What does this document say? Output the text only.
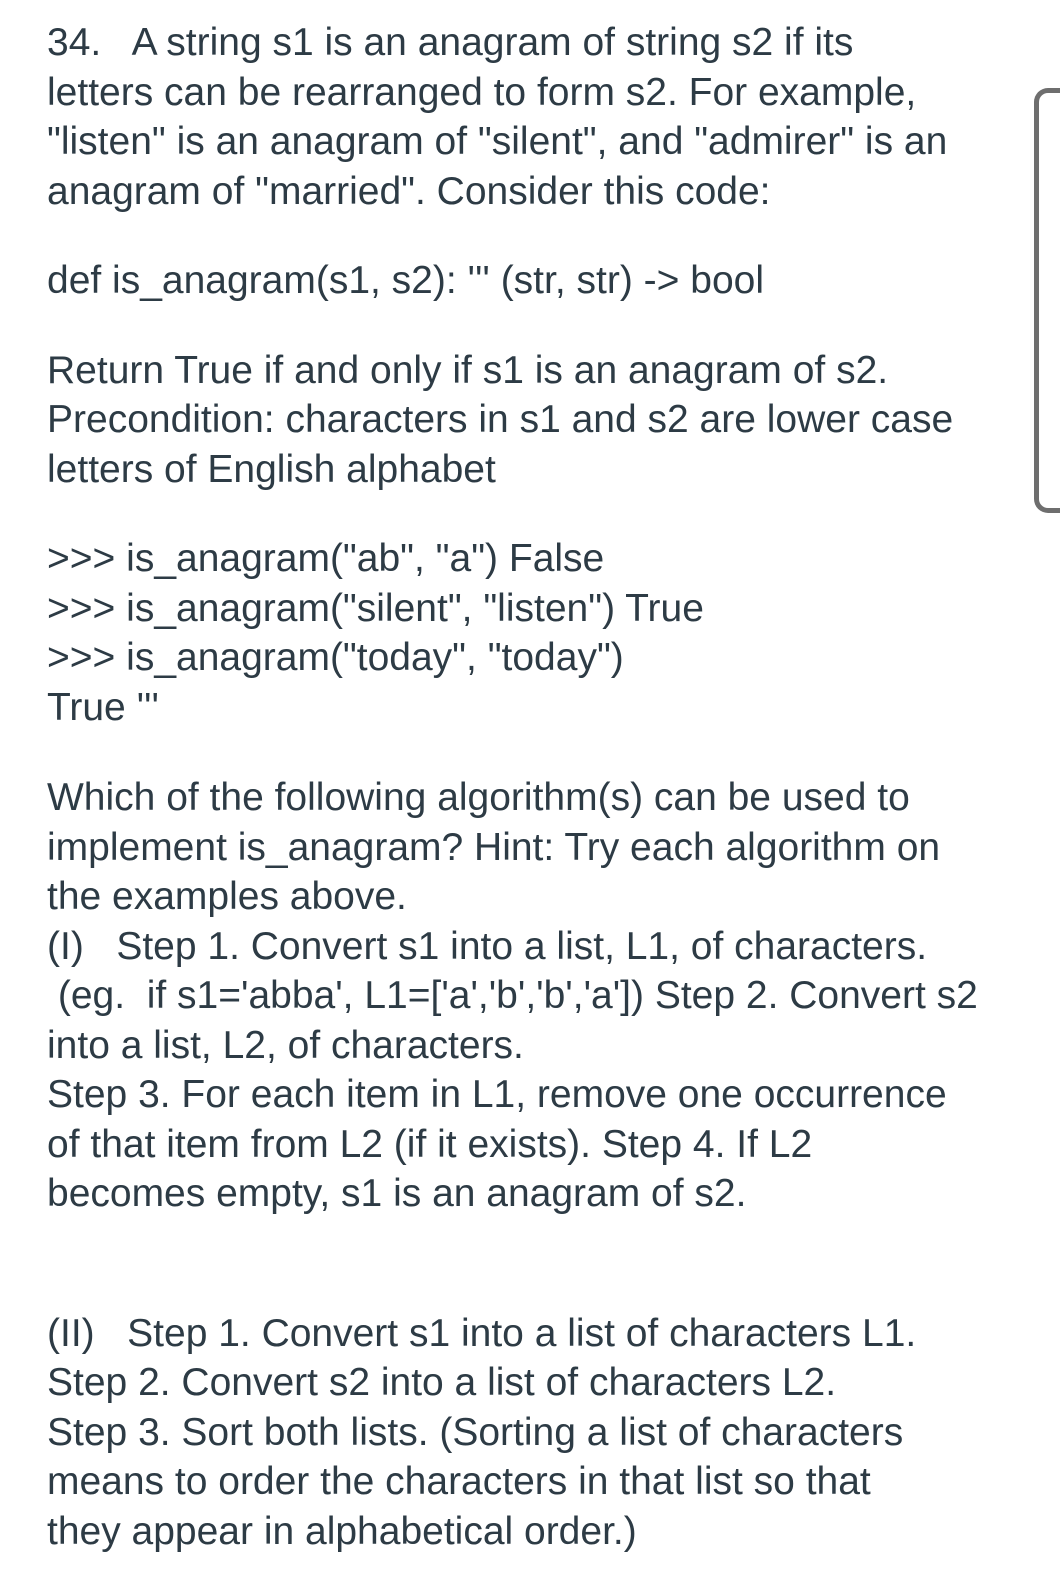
34.   A string s1 is an anagram of string s2 if its
letters can be rearranged to form s2. For example,
"listen" is an anagram of "silent", and "admirer" is an
anagram of "married". Consider this code:
def is_anagram(s1, s2): ''' (str, str) -> bool
Return True if and only if s1 is an anagram of s2.
Precondition: characters in s1 and s2 are lower case
letters of English alphabet
>>> is_anagram("ab", "a") False
>>> is_anagram("silent", "listen") True
>>> is_anagram("today", "today")
True '''
Which of the following algorithm(s) can be used to
implement is_anagram? Hint: Try each algorithm on
the examples above.
(I)   Step 1. Convert s1 into a list, L1, of characters.
(eg.  if s1='abba', L1=['a','b','b','a']) Step 2. Convert s2
into a list, L2, of characters.
Step 3. For each item in L1, remove one occurrence
of that item from L2 (if it exists). Step 4. If L2
becomes empty, s1 is an anagram of s2.
(II)   Step 1. Convert s1 into a list of characters L1.
Step 2. Convert s2 into a list of characters L2.
Step 3. Sort both lists. (Sorting a list of characters
means to order the characters in that list so that
they appear in alphabetical order.)
